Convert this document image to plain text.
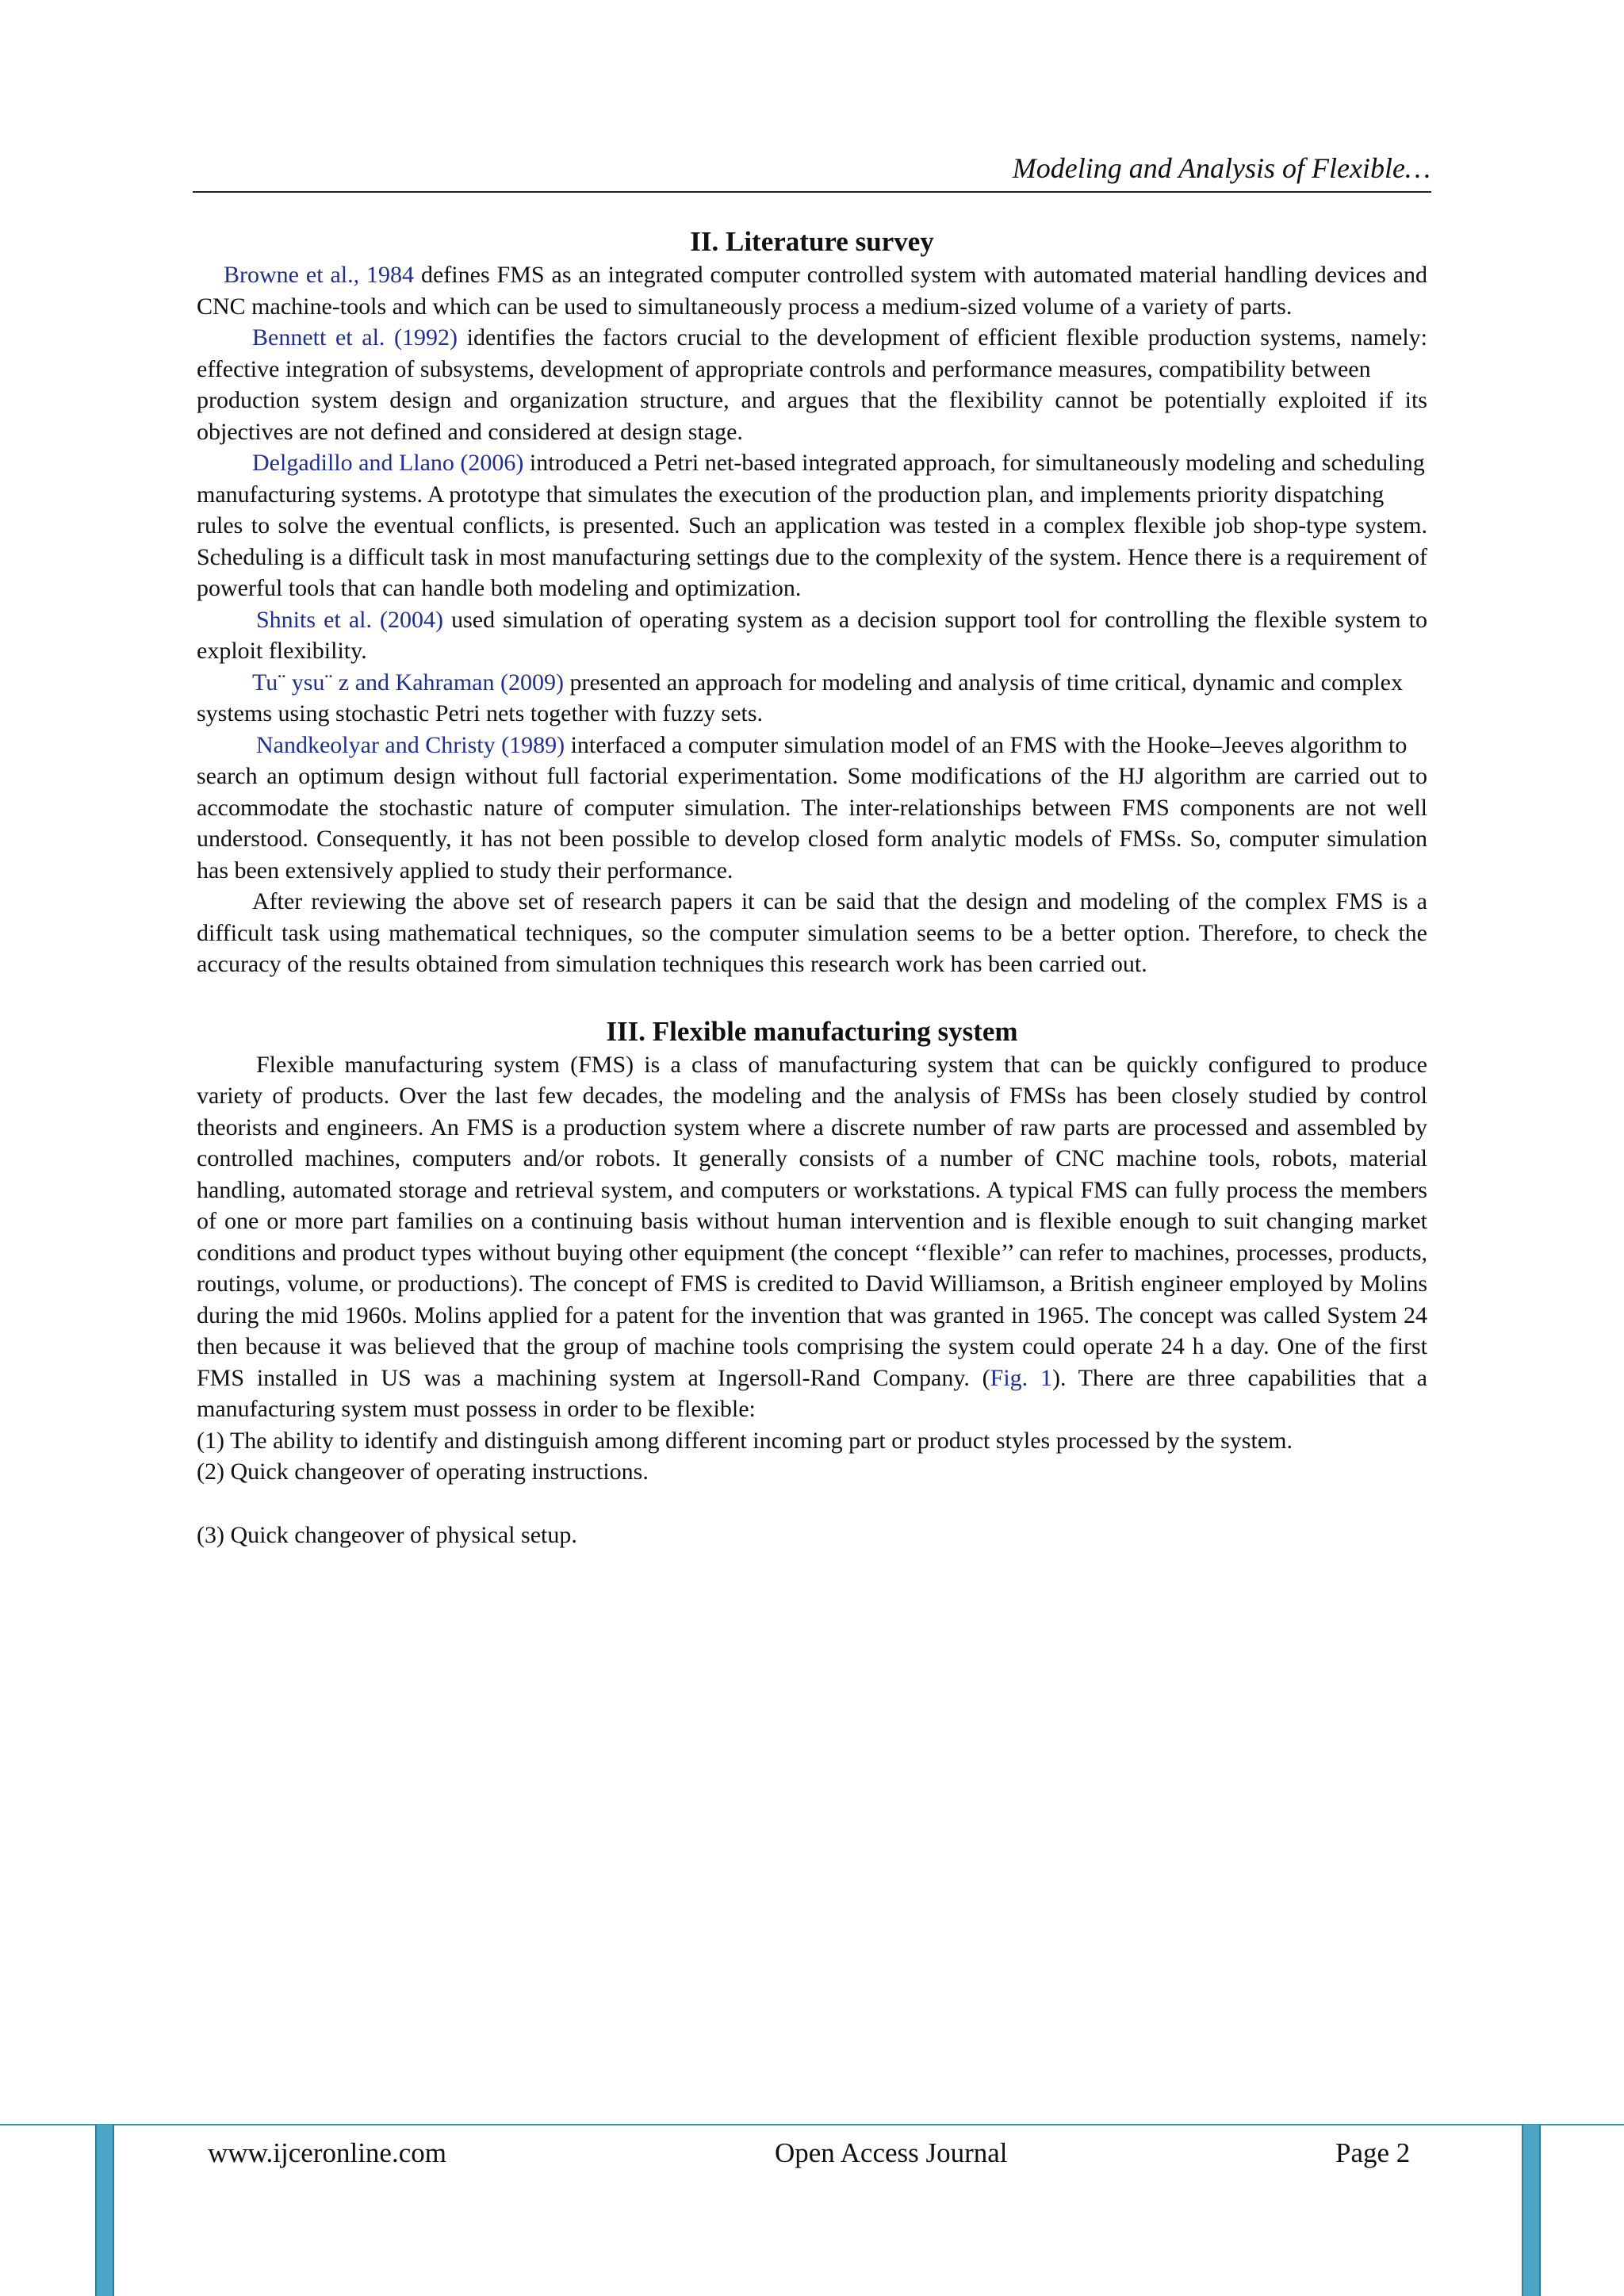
Modeling and Analysis of Flexible…
II. Literature survey

Browne et al., 1984 defines FMS as an integrated computer controlled system with automated material handling devices and CNC machine-tools and which can be used to simultaneously process a medium-sized volume of a variety of parts.

Bennett et al. (1992) identifies the factors crucial to the development of efficient flexible production systems, namely: effective integration of subsystems, development of appropriate controls and performance measures, compatibility between

production system design and organization structure, and argues that the flexibility cannot be potentially exploited if its objectives are not defined and considered at design stage.

Delgadillo and Llano (2006) introduced a Petri net-based integrated approach, for simultaneously modeling and scheduling

manufacturing systems. A prototype that simulates the execution of the production plan, and implements priority dispatching

rules to solve the eventual conflicts, is presented. Such an application was tested in a complex flexible job shop-type system. Scheduling is a difficult task in most manufacturing settings due to the complexity of the system. Hence there is a requirement of powerful tools that can handle both modeling and optimization.

Shnits et al. (2004) used simulation of operating system as a decision support tool for controlling the flexible system to exploit flexibility.

Tu¨ ysu¨ z and Kahraman (2009) presented an approach for modeling and analysis of time critical, dynamic and complex

systems using stochastic Petri nets together with fuzzy sets.

Nandkeolyar and Christy (1989) interfaced a computer simulation model of an FMS with the Hooke–Jeeves algorithm to

search an optimum design without full factorial experimentation. Some modifications of the HJ algorithm are carried out to accommodate the stochastic nature of computer simulation. The inter-relationships between FMS components are not well understood. Consequently, it has not been possible to develop closed form analytic models of FMSs. So, computer simulation has been extensively applied to study their performance.

After reviewing the above set of research papers it can be said that the design and modeling of the complex FMS is a difficult task using mathematical techniques, so the computer simulation seems to be a better option. Therefore, to check the accuracy of the results obtained from simulation techniques this research work has been carried out.

III. Flexible manufacturing system

Flexible manufacturing system (FMS) is a class of manufacturing system that can be quickly configured to produce variety of products. Over the last few decades, the modeling and the analysis of FMSs has been closely studied by control theorists and engineers. An FMS is a production system where a discrete number of raw parts are processed and assembled by controlled machines, computers and/or robots. It generally consists of a number of CNC machine tools, robots, material handling, automated storage and retrieval system, and computers or workstations. A typical FMS can fully process the members of one or more part families on a continuing basis without human intervention and is flexible enough to suit changing market conditions and product types without buying other equipment (the concept ‘‘flexible’’ can refer to machines, processes, products, routings, volume, or productions). The concept of FMS is credited to David Williamson, a British engineer employed by Molins during the mid 1960s. Molins applied for a patent for the invention that was granted in 1965. The concept was called System 24 then because it was believed that the group of machine tools comprising the system could operate 24 h a day. One of the first FMS installed in US was a machining system at Ingersoll-Rand Company. (Fig. 1). There are three capabilities that a manufacturing system must possess in order to be flexible:

(1) The ability to identify and distinguish among different incoming part or product styles processed by the system.

(2) Quick changeover of operating instructions.

(3) Quick changeover of physical setup.

www.ijceronline.com	Open Access Journal	Page 2
